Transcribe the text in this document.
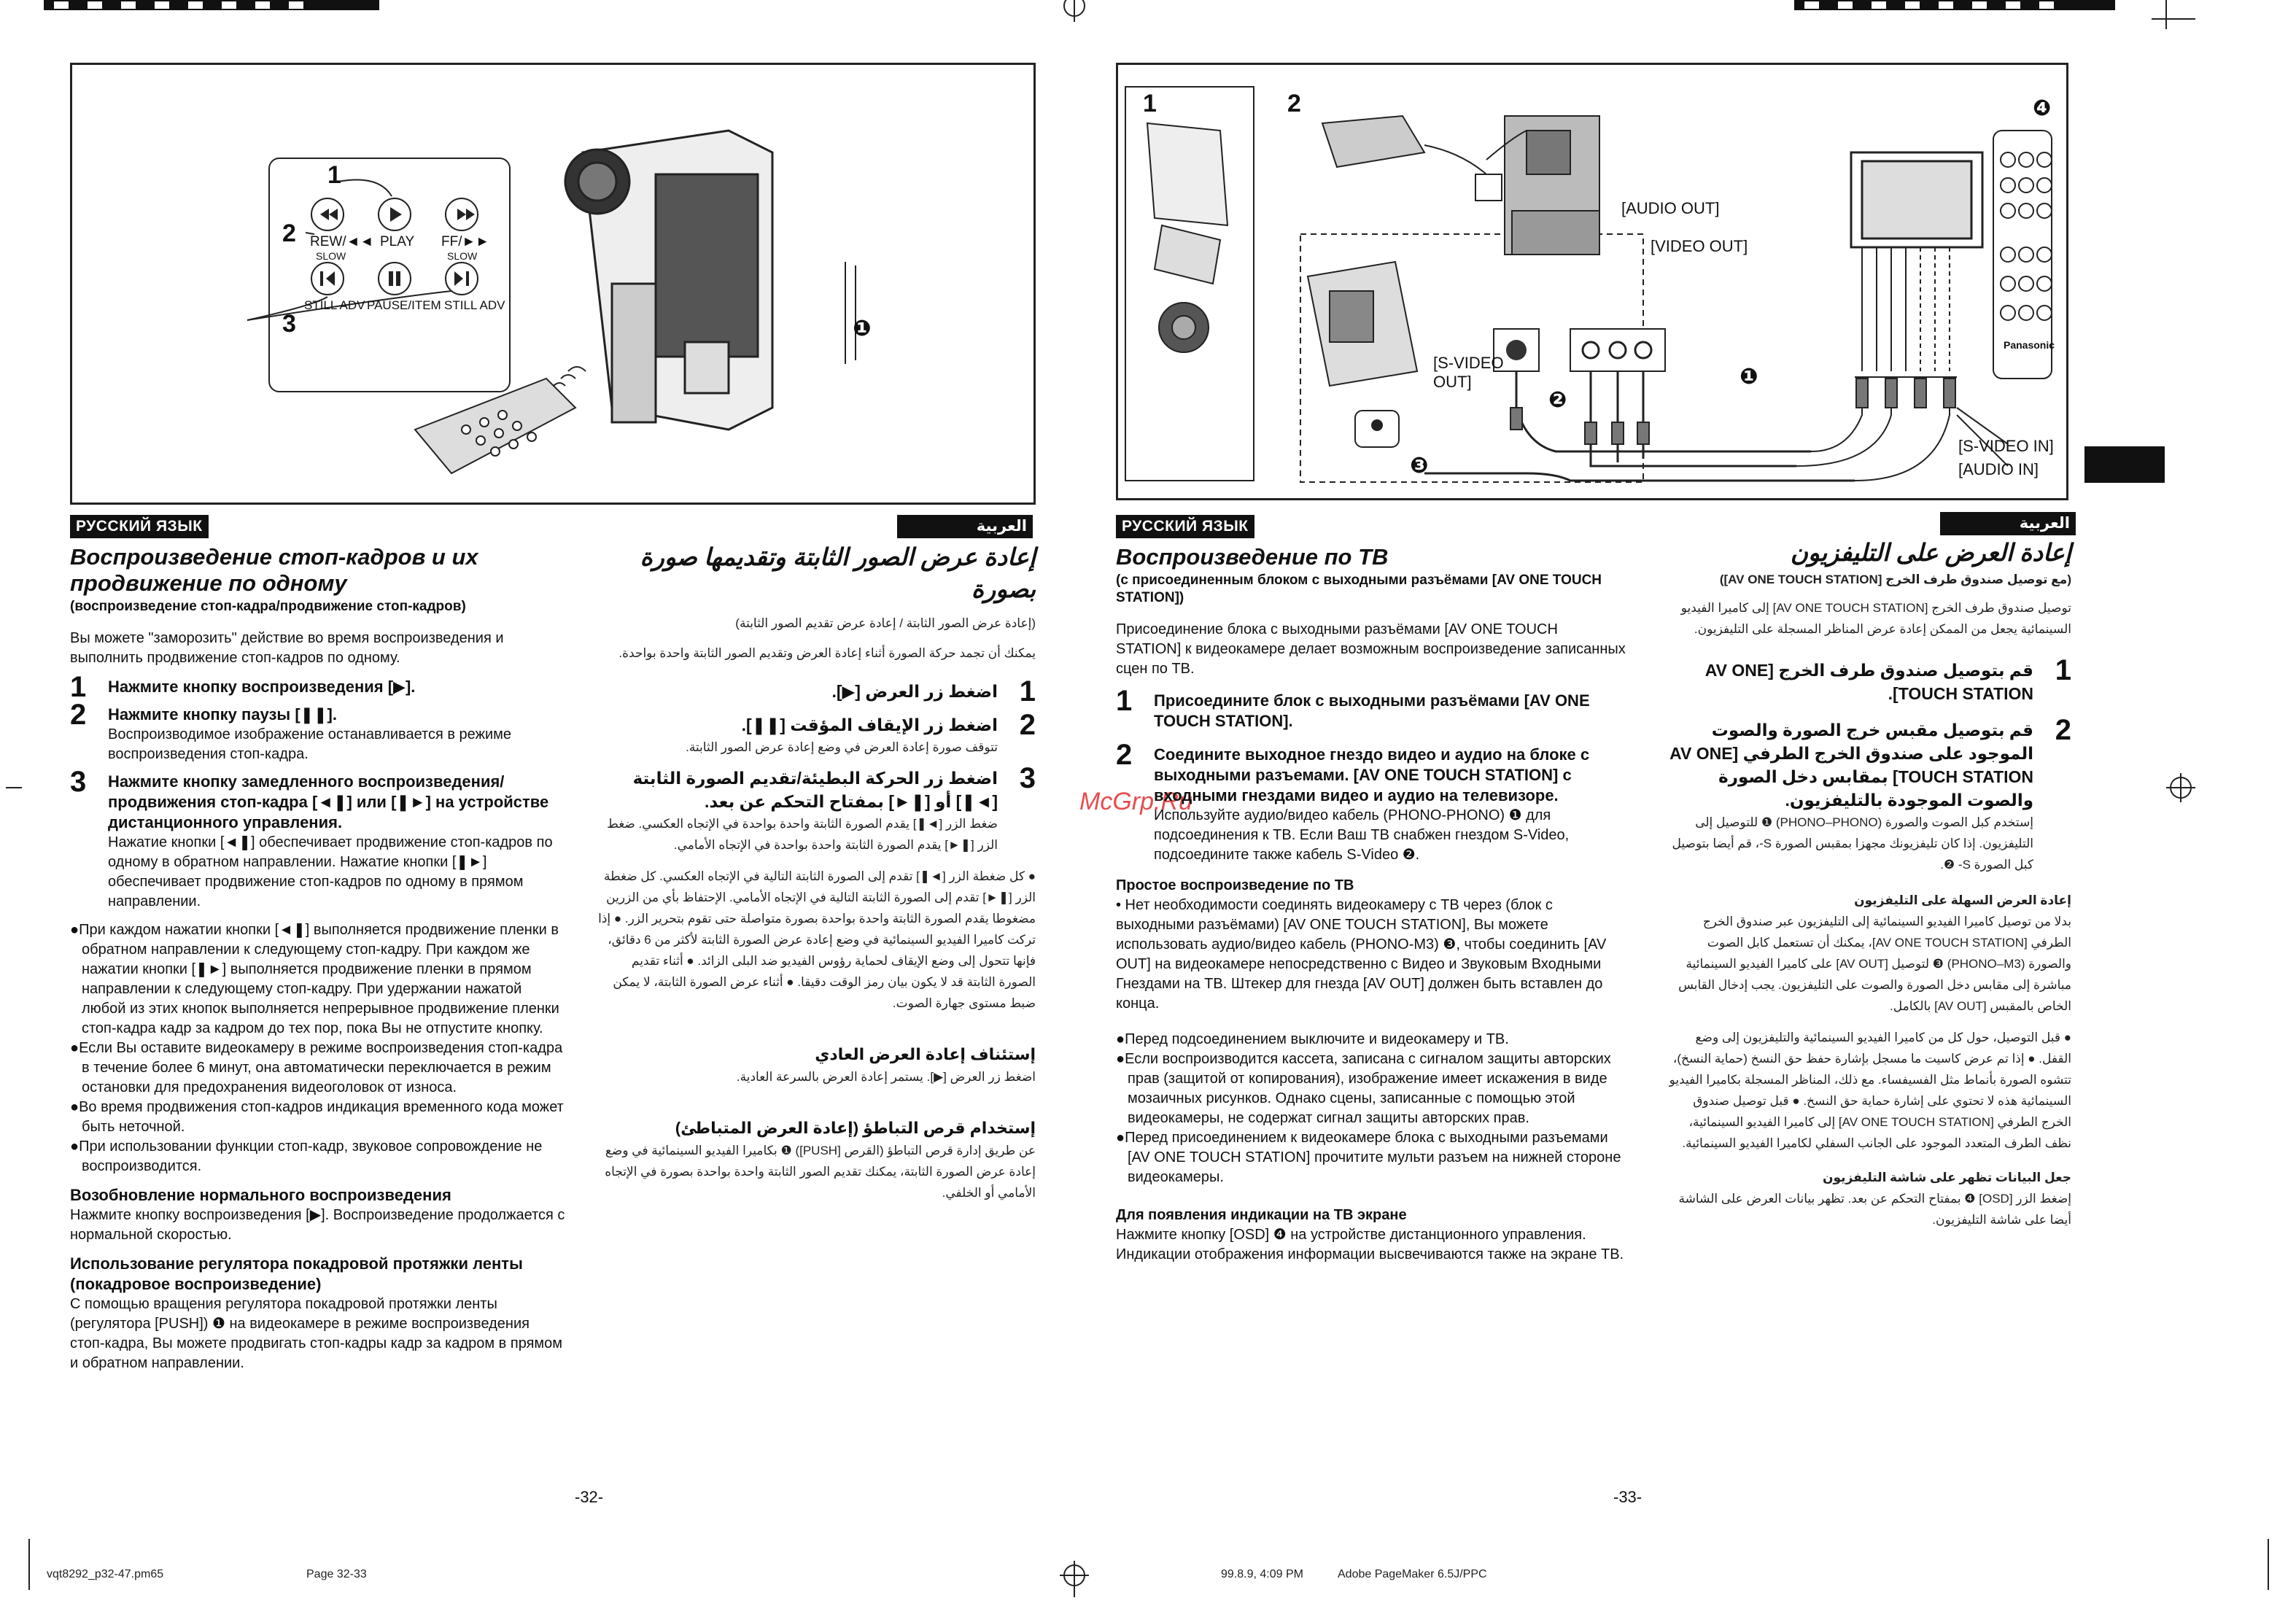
1
2
3
REW/◄◄ PLAY FF/►►
SLOW	SLOW
STILL ADV PAUSE/ITEM STILL ADV
❶
РУССКИЙ ЯЗЫК	العربية
Воспроизведение стоп-кадров и их продвижение по одному
(воспроизведение стоп-кадра/продвижение стоп-кадров)
Вы можете "заморозить" действие во время воспроизведения и выполнить продвижение стоп-кадров по одному.
1 Нажмите кнопку воспроизведения [▶].
2 Нажмите кнопку паузы [❚❚].
Воспроизводимое изображение останавливается в режиме воспроизведения стоп-кадра.
3 Нажмите кнопку замедленного воспроизведения/продвижения стоп-кадра [◄❚] или [❚►] на устройстве дистанционного управления.
Нажатие кнопки [◄❚] обеспечивает продвижение стоп-кадров по одному в обратном направлении. Нажатие кнопки [❚►] обеспечивает продвижение стоп-кадров по одному в прямом направлении.
●При каждом нажатии кнопки [◄❚] выполняется продвижение пленки в обратном направлении к следующему стоп-кадру. При каждом же нажатии кнопки [❚►] выполняется продвижение пленки в прямом направлении к следующему стоп-кадру. При удержании нажатой любой из этих кнопок выполняется непрерывное продвижение пленки стоп-кадра кадр за кадром до тех пор, пока Вы не отпустите кнопку.
●Если Вы оставите видеокамеру в режиме воспроизведения стоп-кадра в течение более 6 минут, она автоматически переключается в режим остановки для предохранения видеоголовок от износа.
●Во время продвижения стоп-кадров индикация временного кода может быть неточной.
●При использовании функции стоп-кадр, звуковое сопровождение не воспроизводится.
Возобновление нормального воспроизведения
Нажмите кнопку воспроизведения [▶]. Воспроизведение продолжается с нормальной скоростью.
Использование регулятора покадровой протяжки ленты (покадровое воспроизведение)
С помощью вращения регулятора покадровой протяжки ленты (регулятора [PUSH]) ❶ на видеокамере в режиме воспроизведения стоп-кадра, Вы можете продвигать стоп-кадры кадр за кадром в прямом и обратном направлении.
إعادة عرض الصور الثابتة وتقديمها صورة بصورة
(إعادة عرض الصور الثابتة / إعادة عرض تقديم الصور الثابتة)
يمكنك أن تجمد حركة الصورة أثناء إعادة العرض وتقديم الصور الثابتة واحدة بواحدة.
1
اضغط زر العرض [▶].
2
اضغط زر الإيقاف المؤقت [❚❚].
تتوقف صورة إعادة العرض في وضع إعادة عرض الصور الثابتة.
3
اضغط زر الحركة البطيئة/تقديم الصورة الثابتة [◄❚] أو [❚►] بمفتاح التحكم عن بعد.
ضغط الزر [◄❚] يقدم الصورة الثابتة واحدة بواحدة في الإتجاه العكسي. ضغط الزر [❚►] يقدم الصورة الثابتة واحدة بواحدة في الإتجاه الأمامي.
● كل ضغطة الزر [◄❚] تقدم إلى الصورة الثابتة التالية في الإتجاه العكسي. كل ضغطة الزر [❚►] تقدم إلى الصورة الثابتة التالية في الإتجاه الأمامي. الإحتفاظ بأي من الزرين مضغوطا يقدم الصورة الثابتة واحدة بواحدة بصورة متواصلة حتى تقوم بتحرير الزر. ● إذا تركت كاميرا الفيديو السينمائية في وضع إعادة عرض الصورة الثابتة لأكثر من 6 دقائق، فإنها تتحول إلى وضع الإيقاف لحماية رؤوس الفيديو ضد البلى الزائد. ● أثناء تقديم الصورة الثابتة قد لا يكون بيان رمز الوقت دقيقا. ● أثناء عرض الصورة الثابتة، لا يمكن ضبط مستوى جهارة الصوت.
إستئناف إعادة العرض العادي
اضغط زر العرض [▶]. يستمر إعادة العرض بالسرعة العادية.
إستخدام قرص التباطؤ (إعادة العرض المتباطئ)
عن طريق إدارة قرص التباطؤ (القرص [PUSH]) ❶ بكاميرا الفيديو السينمائية في وضع إعادة عرض الصورة الثابتة، يمكنك تقديم الصور الثابتة واحدة بواحدة بصورة في الإتجاه الأمامي أو الخلفي.
-32-
1	2	❹
❶
❷
❸
[AUDIO OUT]
[VIDEO OUT]
[S-VIDEO OUT]
[S-VIDEO IN]
[AUDIO IN]
Panasonic
РУССКИЙ ЯЗЫК	العربية
McGrp.Ru
Воспроизведение по ТВ
(с присоединенным блоком с выходными разъёмами [AV ONE TOUCH STATION])
Присоединение блока с выходными разъёмами [AV ONE TOUCH STATION] к видеокамере делает возможным воспроизведение записанных сцен по ТВ.
1 Присоедините блок с выходными разъёмами [AV ONE TOUCH STATION].
2 Соедините выходное гнездо видео и аудио на блоке с выходными разъемами. [AV ONE TOUCH STATION] с входными гнездами видео и аудио на телевизоре.
Используйте аудио/видео кабель (PHONO-PHONO) ❶ для подсоединения к ТВ. Если Ваш ТВ снабжен гнездом S-Video, подсоедините также кабель S-Video ❷.
Простое воспроизведение по ТВ
• Нет необходимости соединять видеокамеру с ТВ через (блок с выходными разъёмами) [AV ONE TOUCH STATION], Вы можете использовать аудио/видео кабель (PHONO-M3) ❸, чтобы соединить [AV OUT] на видеокамере непосредственно с Видео и Звуковым Входными Гнездами на ТВ. Штекер для гнезда [AV OUT] должен быть вставлен до конца.
●Перед подсоединением выключите и видеокамеру и ТВ.
●Если воспроизводится кассета, записана с сигналом защиты авторских прав (защитой от копирования), изображение имеет искажения в виде мозаичных рисунков. Однако сцены, записанные с помощью этой видеокамеры, не содержат сигнал защиты авторских прав.
●Перед присоединением к видеокамере блока с выходными разъемами [AV ONE TOUCH STATION] прочитите мульти разъем на нижней стороне видеокамеры.
Для появления индикации на ТВ экране
Нажмите кнопку [OSD] ❹ на устройстве дистанционного управления. Индикации отображения информации высвечиваются также на экране ТВ.
إعادة العرض على التليفزيون
(مع توصيل صندوق طرف الخرج [AV ONE TOUCH STATION])
توصيل صندوق طرف الخرج [AV ONE TOUCH STATION] إلى كاميرا الفيديو السينمائية يجعل من الممكن إعادة عرض المناظر المسجلة على التليفزيون.
1
قم بتوصيل صندوق طرف الخرج [AV ONE TOUCH STATION].
2
قم بتوصيل مقبس خرج الصورة والصوت الموجود على صندوق الخرج الطرفي [AV ONE TOUCH STATION] بمقابس دخل الصورة والصوت الموجودة بالتليفزيون.
إستخدم كبل الصوت والصورة (PHONO–PHONO) ❶ للتوصيل إلى التليفزيون. إذا كان تليفزيونك مجهزا بمقبس الصورة S-، قم أيضا بتوصيل كبل الصورة S- ❷.
إعادة العرض السهلة على التليفزيون
بدلا من توصيل كاميرا الفيديو السينمائية إلى التليفزيون عبر صندوق الخرج الطرفي [AV ONE TOUCH STATION]، يمكنك أن تستعمل كابل الصوت والصورة (PHONO–M3) ❸ لتوصيل [AV OUT] على كاميرا الفيديو السينمائية مباشرة إلى مقابس دخل الصورة والصوت على التليفزيون. يجب إدخال القابس الخاص بالمقبس [AV OUT] بالكامل.
● قبل التوصيل، حول كل من كاميرا الفيديو السينمائية والتليفزيون إلى وضع القفل. ● إذا تم عرض كاسيت ما مسجل بإشارة حفظ حق النسخ (حماية النسخ)، تتشوه الصورة بأنماط مثل الفسيفساء. مع ذلك، المناظر المسجلة بكاميرا الفيديو السينمائية هذه لا تحتوي على إشارة حماية حق النسخ. ● قبل توصيل صندوق الخرج الطرفي [AV ONE TOUCH STATION] إلى كاميرا الفيديو السينمائية، نظف الطرف المتعدد الموجود على الجانب السفلي لكاميرا الفيديو السينمائية.
جعل البيانات تظهر على شاشة التليفزيون
إضغط الزر [OSD] ❹ بمفتاح التحكم عن بعد. تظهر بيانات العرض على الشاشة أيضا على شاشة التليفزيون.
-33-
vqt8292_p32-47.pm65	Page 32-33	99.8.9, 4:09 PM	Adobe PageMaker 6.5J/PPC
